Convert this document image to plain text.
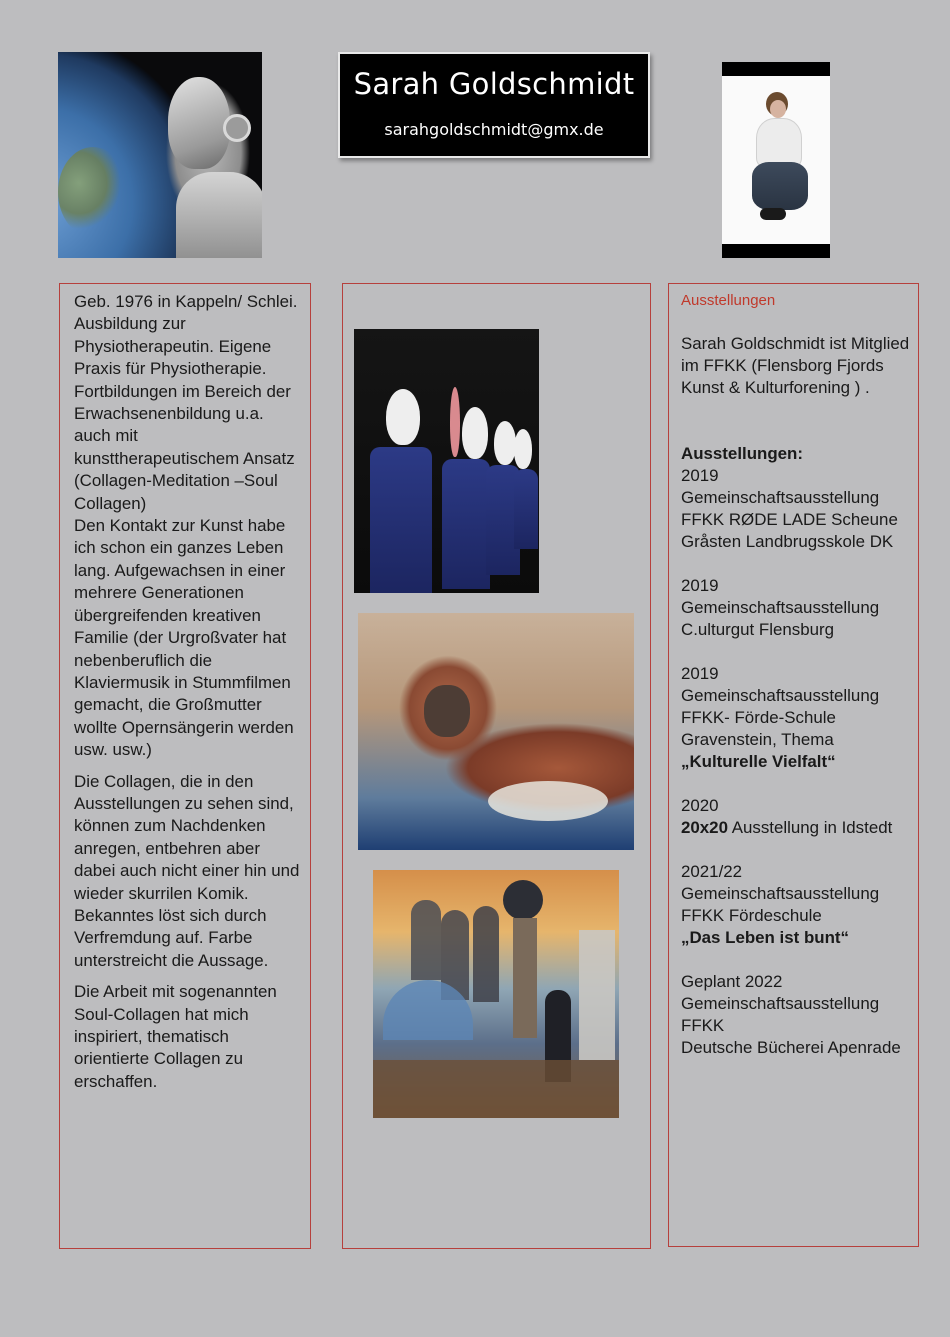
Sarah Goldschmidt
sarahgoldschmidt@gmx.de

Geb. 1976 in Kappeln/ Schlei. Ausbildung zur Physiotherapeutin. Eigene Praxis für Physiotherapie. Fortbildungen im Bereich der Erwachsenenbildung u.a. auch mit kunsttherapeutischem Ansatz (Collagen-Meditation –Soul Collagen)

Den Kontakt zur Kunst habe ich schon ein ganzes Leben lang. Aufgewachsen in einer mehrere Generationen übergreifenden kreativen Familie (der Urgroßvater hat nebenberuflich die Klaviermusik in Stummfilmen gemacht, die Großmutter wollte Opernsängerin werden usw. usw.)

Die Collagen, die in den Ausstellungen zu sehen sind, können zum Nachdenken anregen, entbehren aber dabei auch nicht einer hin und wieder skurrilen Komik. Bekanntes löst sich durch Verfremdung auf. Farbe unterstreicht die Aussage.

Die Arbeit mit sogenannten Soul-Collagen hat mich inspiriert, thematisch orientierte Collagen zu erschaffen.

Ausstellungen

Sarah Goldschmidt ist Mitglied im FFKK (Flensborg Fjords Kunst & Kulturforening ) .

Ausstellungen:
2019
Gemeinschaftsausstellung FFKK RØDE LADE Scheune Gråsten Landbrugsskole DK
2019
Gemeinschaftsausstellung C.ulturgut Flensburg
2019
Gemeinschaftsausstellung FFKK- Förde-Schule Gravenstein, Thema
„Kulturelle Vielfalt“
2020
20x20 Ausstellung in Idstedt
2021/22
Gemeinschaftsausstellung FFKK Fördeschule
„Das Leben ist bunt“
Geplant 2022
Gemeinschaftsausstellung FFKK
Deutsche Bücherei Apenrade
